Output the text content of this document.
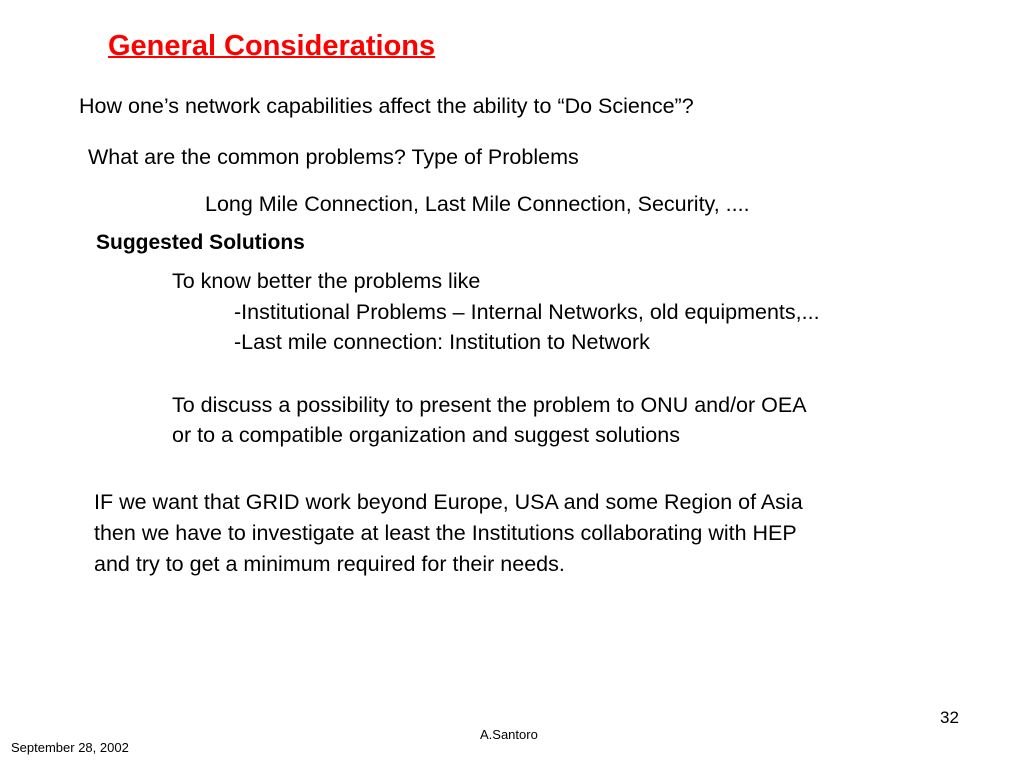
General Considerations
How one’s network capabilities affect the ability to “Do Science”?
What are the common problems? Type of Problems
Long Mile Connection, Last Mile Connection, Security, ....
Suggested Solutions
To know better the problems like
-Institutional Problems – Internal Networks, old equipments,...
-Last mile connection: Institution to Network
To discuss a possibility to present the problem to ONU and/or OEA
or to a compatible organization and suggest solutions
IF we want that GRID work beyond Europe, USA and some Region of Asia
then we have to investigate at least the Institutions collaborating with HEP
and try to get a minimum required for their needs.
32
A.Santoro
September 28, 2002
